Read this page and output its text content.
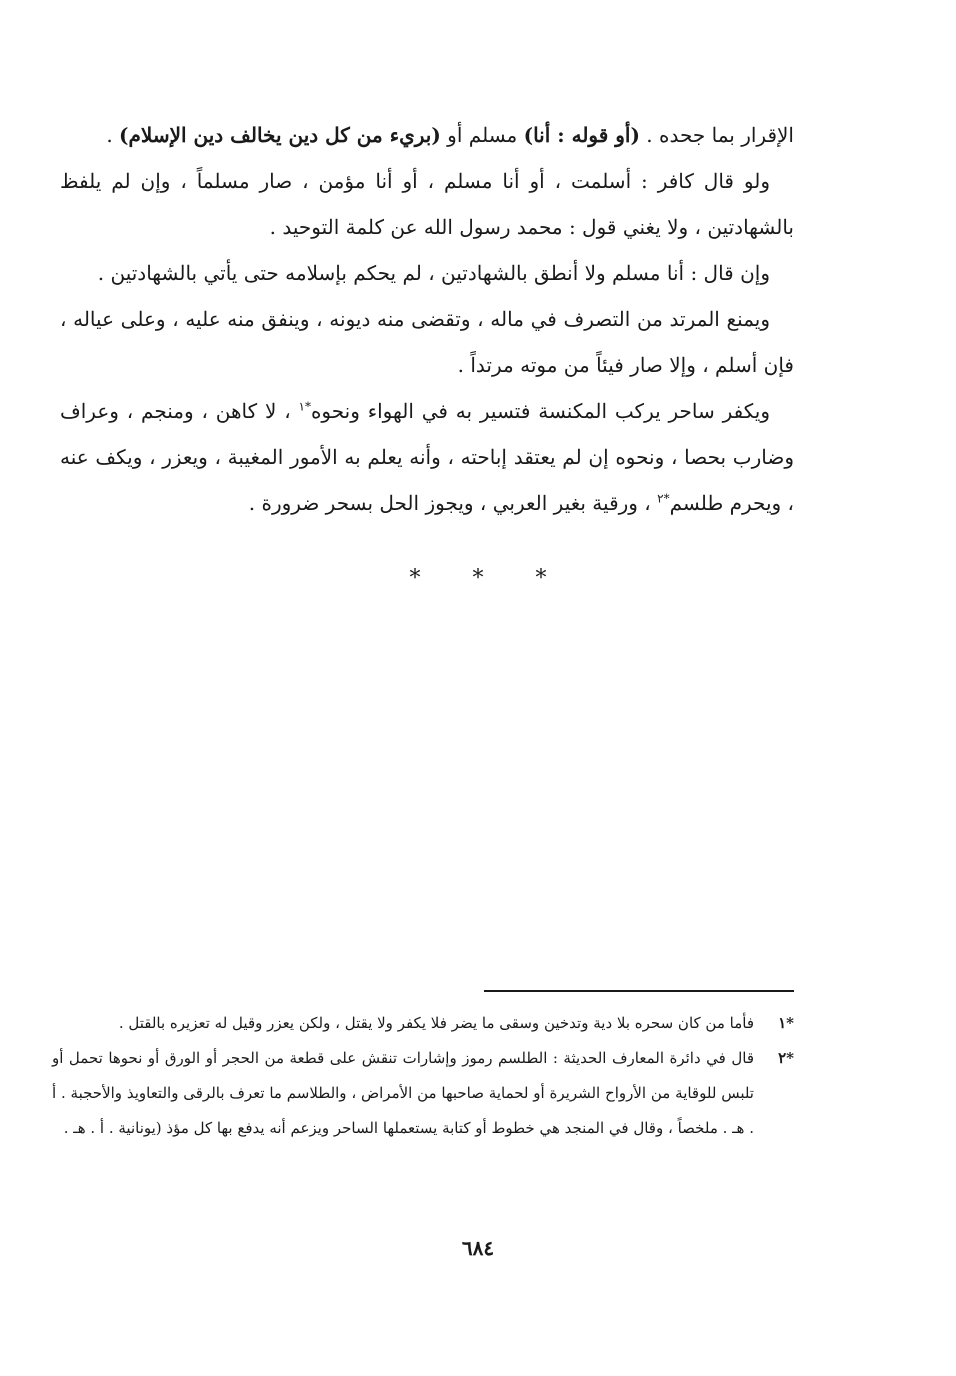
الإقرار بما جحده . (أو قوله : أنا) مسلم أو (بريء من كل دين يخالف دين الإسلام) .

ولو قال كافر : أسلمت ، أو أنا مسلم ، أو أنا مؤمن ، صار مسلماً ، وإن لم يلفظ بالشهادتين ، ولا يغني قول : محمد رسول الله عن كلمة التوحيد .

وإن قال : أنا مسلم ولا أنطق بالشهادتين ، لم يحكم بإسلامه حتى يأتي بالشهادتين .

ويمنع المرتد من التصرف في ماله ، وتقضى منه ديونه ، وينفق منه عليه ، وعلى عياله ، فإن أسلم ، وإلا صار فيئاً من موته مرتداً .

ويكفر ساحر يركب المكنسة فتسير به في الهواء ونحوه$^{*١}$ ، لا كاهن ، ومنجم ، وعراف وضارب بحصا ، ونحوه إن لم يعتقد إباحته ، وأنه يعلم به الأمور المغيبة ، ويعزر ، ويكف عنه ، ويحرم طلسم$^{*٢}$ ، ورقية بغير العربي ، ويجوز الحل بسحر ضرورة .

* * *
*١
فأما من كان سحره بلا دية وتدخين وسقى ما يضر فلا يكفر ولا يقتل ، ولكن يعزر وقيل له تعزيره بالقتل .
*٢
قال في دائرة المعارف الحديثة : الطلسم رموز وإشارات تنقش على قطعة من الحجر أو الورق أو نحوها تحمل أو تلبس للوقاية من الأرواح الشريرة أو لحماية صاحبها من الأمراض ، والطلاسم ما تعرف بالرقى والتعاويذ والأحجبة . أ . هـ . ملخصاً ، وقال في المنجد هي خطوط أو كتابة يستعملها الساحر ويزعم أنه يدفع بها كل مؤذ (يونانية . أ . هـ .
٦٨٤
